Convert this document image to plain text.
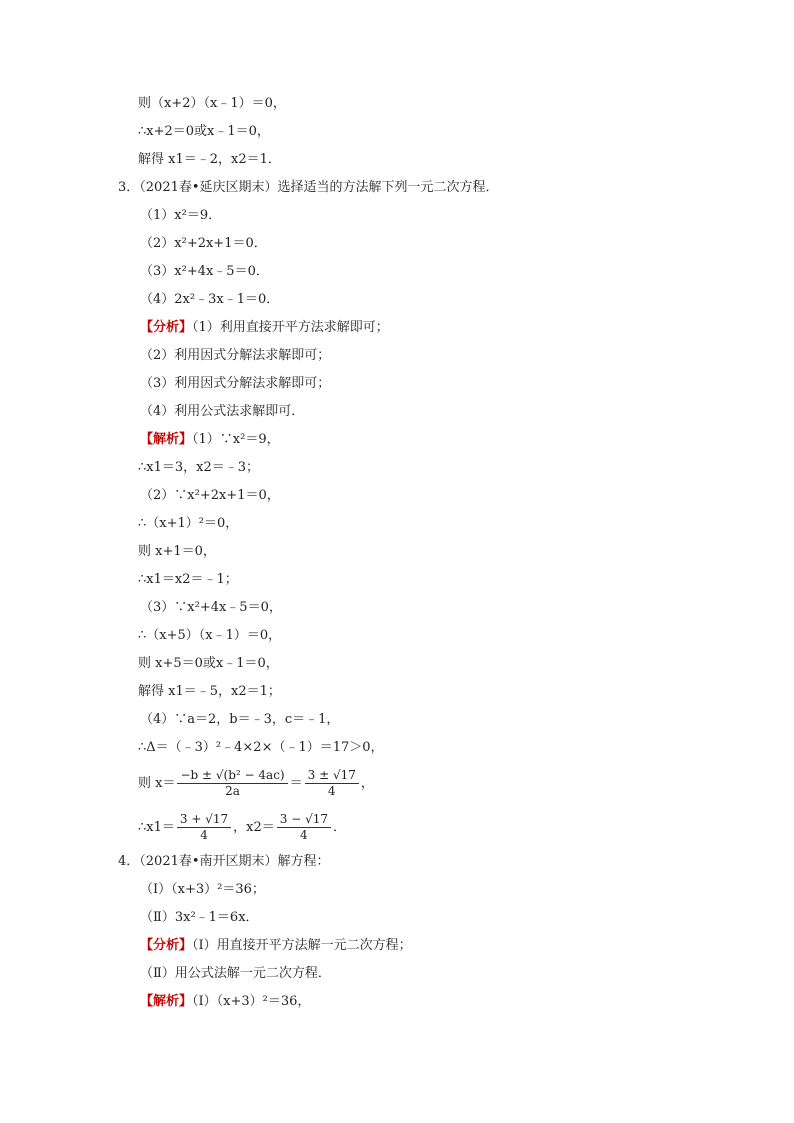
则（x+2）（x﹣1）＝0，
∴x+2＝0或x﹣1＝0，
解得 x1＝﹣2，x2＝1．
3．（2021春•延庆区期末）选择适当的方法解下列一元二次方程．
（1）x²＝9．
（2）x²+2x+1＝0．
（3）x²+4x﹣5＝0．
（4）2x²﹣3x﹣1＝0．
【分析】（1）利用直接开平方法求解即可；
（2）利用因式分解法求解即可；
（3）利用因式分解法求解即可；
（4）利用公式法求解即可．
【解析】（1）∵x²＝9，
∴x1＝3，x2＝﹣3；
（2）∵x²+2x+1＝0，
∴（x+1）²＝0，
则 x+1＝0，
∴x1＝x2＝﹣1；
（3）∵x²+4x﹣5＝0，
∴（x+5）（x﹣1）＝0，
则 x+5＝0或x﹣1＝0，
解得 x1＝﹣5，x2＝1；
（4）∵a＝2，b＝﹣3，c＝﹣1，
∴Δ＝（﹣3）²﹣4×2×（﹣1）＝17＞0，
则 $x= \frac{\text{−b ± √(b² − 4ac)}}{2a} = \frac{3 \pm √17}{4}$ ，
∴x1＝ $\frac{3 + √17}{4}$ ，$x2= \frac{3 - √17}{4}$ ．
4．（2021春•南开区期末）解方程：
（Ⅰ）（x+3）²＝36；
（Ⅱ）3x²﹣1＝6x．
【分析】（Ⅰ）用直接开平方法解一元二次方程；
（Ⅱ）用公式法解一元二次方程．
【解析】（Ⅰ）（x+3）²＝36，
